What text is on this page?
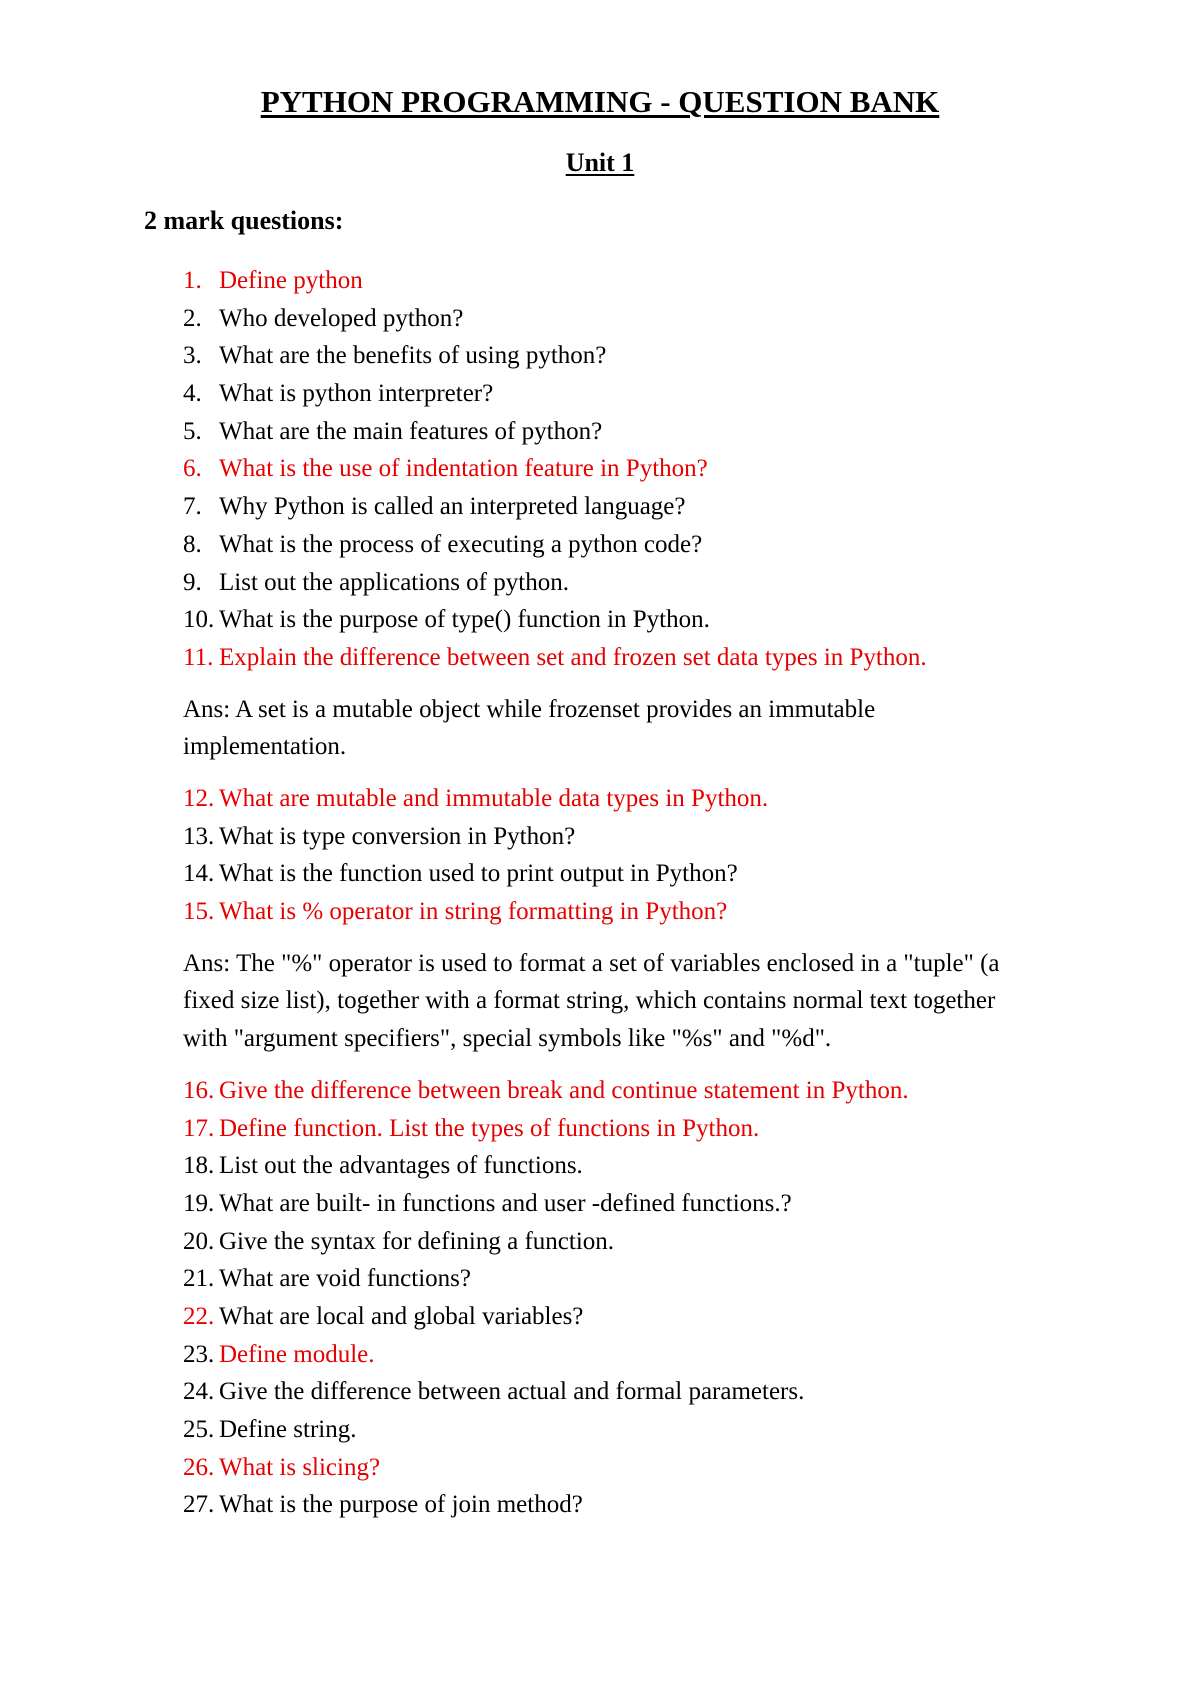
PYTHON PROGRAMMING - QUESTION BANK
Unit 1
2 mark questions:
1. Define python
2. Who developed python?
3. What are the benefits of using python?
4. What is python interpreter?
5. What are the main features of python?
6. What is the use of indentation feature in Python?
7. Why Python is called an interpreted language?
8. What is the process of executing a python code?
9. List out the applications of python.
10. What is the purpose of type() function in Python.
11. Explain the difference between set and frozen set data types in Python.
Ans: A set is a mutable object while frozenset provides an immutable implementation.
12. What are mutable and immutable data types in Python.
13. What is type conversion in Python?
14. What is the function used to print output in Python?
15. What is % operator in string formatting in Python?
Ans: The "%" operator is used to format a set of variables enclosed in a "tuple" (a fixed size list), together with a format string, which contains normal text together with "argument specifiers", special symbols like "%s" and "%d".
16. Give the difference between break and continue statement in Python.
17. Define function. List the types of functions in Python.
18. List out the advantages of functions.
19. What are built- in functions and user -defined functions.?
20. Give the syntax for defining a function.
21. What are void functions?
22. What are local and global variables?
23. Define module.
24. Give the difference between actual and formal parameters.
25. Define string.
26. What is slicing?
27. What is the purpose of join method?
